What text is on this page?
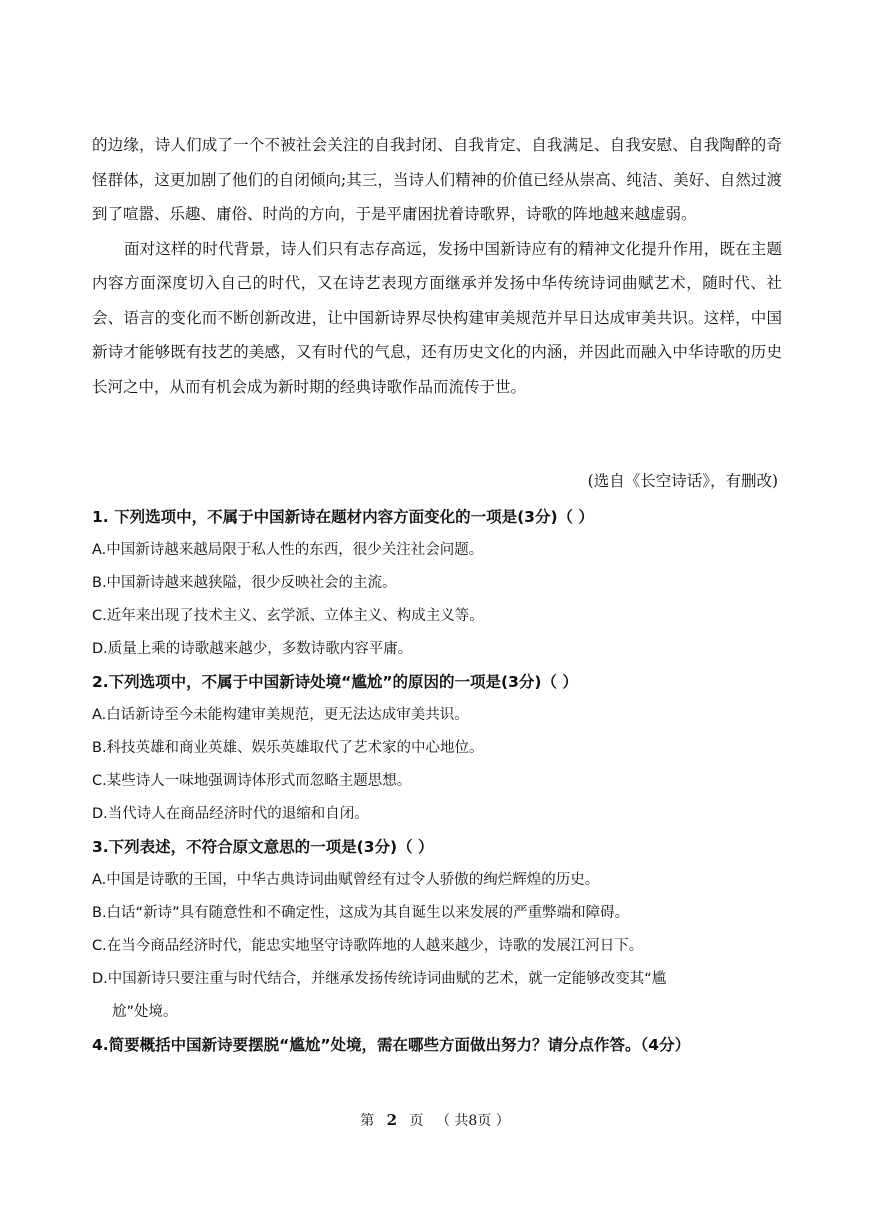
的边缘，诗人们成了一个不被社会关注的自我封闭、自我肯定、自我满足、自我安慰、自我陶醉的奇怪群体，这更加剧了他们的自闭倾向;其三，当诗人们精神的价值已经从崇高、纯洁、美好、自然过渡到了喧嚣、乐趣、庸俗、时尚的方向，于是平庸困扰着诗歌界，诗歌的阵地越来越虚弱。

面对这样的时代背景，诗人们只有志存高远，发扬中国新诗应有的精神文化提升作用，既在主题内容方面深度切入自己的时代，又在诗艺表现方面继承并发扬中华传统诗词曲赋艺术，随时代、社会、语言的变化而不断创新改进，让中国新诗界尽快构建审美规范并早日达成审美共识。这样，中国新诗才能够既有技艺的美感，又有时代的气息，还有历史文化的内涵，并因此而融入中华诗歌的历史长河之中，从而有机会成为新时期的经典诗歌作品而流传于世。

(选自《长空诗话》，有删改)
1. 下列选项中，不属于中国新诗在题材内容方面变化的一项是(3分)（ ）
A.中国新诗越来越局限于私人性的东西，很少关注社会问题。
B.中国新诗越来越狭隘，很少反映社会的主流。
C.近年来出现了技术主义、玄学派、立体主义、构成主义等。
D.质量上乘的诗歌越来越少，多数诗歌内容平庸。
2.下列选项中，不属于中国新诗处境“尴尬”的原因的一项是(3分)（ ）
A.白话新诗至今未能构建审美规范，更无法达成审美共识。
B.科技英雄和商业英雄、娱乐英雄取代了艺术家的中心地位。
C.某些诗人一味地强调诗体形式而忽略主题思想。
D.当代诗人在商品经济时代的退缩和自闭。
3.下列表述，不符合原文意思的一项是(3分)（ ）
A.中国是诗歌的王国，中华古典诗词曲赋曾经有过令人骄傲的绚烂辉煌的历史。
B.白话“新诗”具有随意性和不确定性，这成为其自诞生以来发展的严重弊端和障碍。
C.在当今商品经济时代，能忠实地坚守诗歌阵地的人越来越少，诗歌的发展江河日下。
D.中国新诗只要注重与时代结合，并继承发扬传统诗词曲赋的艺术，就一定能够改变其“尴
尬”处境。
4.简要概括中国新诗要摆脱“尴尬”处境，需在哪些方面做出努力？请分点作答。（4分）
第 2 页 （ 共8页 ）
